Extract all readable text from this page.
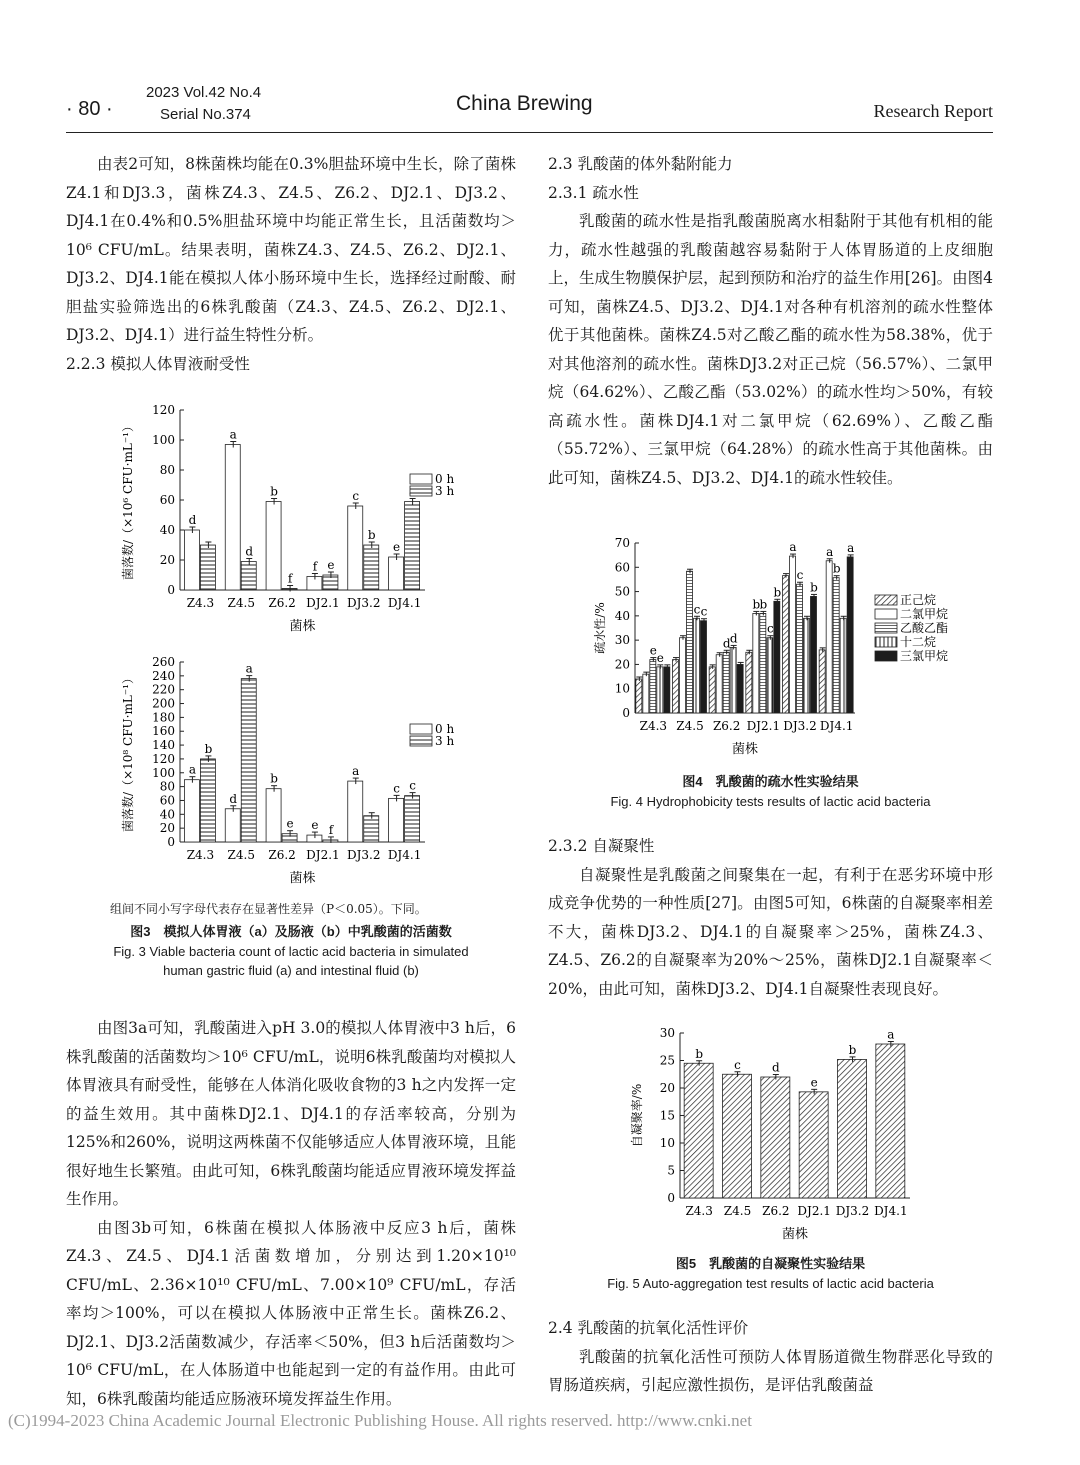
· 80 ·
2023 Vol.42 No.4
Serial No.374	China Brewing	Research Report

由表2可知，8株菌株均能在0.3%胆盐环境中生长，除了菌株Z4.1和DJ3.3，菌株Z4.3、Z4.5、Z6.2、DJ2.1、DJ3.2、DJ4.1在0.4%和0.5%胆盐环境中均能正常生长，且活菌数均＞10⁶ CFU/mL。结果表明，菌株Z4.3、Z4.5、Z6.2、DJ2.1、DJ3.2、DJ4.1能在模拟人体小肠环境中生长，选择经过耐酸、耐胆盐实验筛选出的6株乳酸菌（Z4.3、Z4.5、Z6.2、DJ2.1、DJ3.2、DJ4.1）进行益生特性分析。

2.2.3 模拟人体胃液耐受性

0
20
40
60
80
100
120
菌落数/（×10⁶ CFU·mL⁻¹）
菌株
Z4.3
d
Z4.5
a
d
Z6.2
b
f
DJ2.1
f e
DJ3.2
c
b
DJ4.1
e
0 h
3 h
0
20
40
60
80
100
120
140
160
180
200
220
240
260
菌落数/（×10⁸ CFU·mL⁻¹）
菌株
Z4.3
a
b
Z4.5
d
a
Z6.2
b
e
DJ2.1
e f
DJ3.2
a
DJ4.1
c c
0 h
3 h
组间不同小写字母代表存在显著性差异（P＜0.05）。下同。
图3　模拟人体胃液（a）及肠液（b）中乳酸菌的活菌数
Fig. 3 Viable bacteria count of lactic acid bacteria in simulated
human gastric fluid (a) and intestinal fluid (b)

由图3a可知，乳酸菌进入pH 3.0的模拟人体胃液中3 h后，6株乳酸菌的活菌数均＞10⁶ CFU/mL，说明6株乳酸菌均对模拟人体胃液具有耐受性，能够在人体消化吸收食物的3 h之内发挥一定的益生效用。其中菌株DJ2.1、DJ4.1的存活率较高，分别为125%和260%，说明这两株菌不仅能够适应人体胃液环境，且能很好地生长繁殖。由此可知，6株乳酸菌均能适应胃液环境发挥益生作用。

由图3b可知，6株菌在模拟人体肠液中反应3 h后，菌株Z4.3、Z4.5、DJ4.1活菌数增加，分别达到1.20×10¹⁰ CFU/mL、2.36×10¹⁰ CFU/mL、7.00×10⁹ CFU/mL，存活率均＞100%，可以在模拟人体肠液中正常生长。菌株Z6.2、DJ2.1、DJ3.2活菌数减少，存活率＜50%，但3 h后活菌数均＞10⁶ CFU/mL，在人体肠道中也能起到一定的有益作用。由此可知，6株乳酸菌均能适应肠液环境发挥益生作用。

2.3 乳酸菌的体外黏附能力

2.3.1 疏水性

乳酸菌的疏水性是指乳酸菌脱离水相黏附于其他有机相的能力，疏水性越强的乳酸菌越容易黏附于人体胃肠道的上皮细胞上，生成生物膜保护层，起到预防和治疗的益生作用[26]。由图4可知，菌株Z4.5、DJ3.2、DJ4.1对各种有机溶剂的疏水性整体优于其他菌株。菌株Z4.5对乙酸乙酯的疏水性为58.38%，优于对其他溶剂的疏水性。菌株DJ3.2对正己烷（56.57%）、二氯甲烷（64.62%）、乙酸乙酯（53.02%）的疏水性均＞50%，有较高疏水性。菌株DJ4.1对二氯甲烷（62.69%）、乙酸乙酯（55.72%）、三氯甲烷（64.28%）的疏水性高于其他菌株。由此可知，菌株Z4.5、DJ3.2、DJ4.1的疏水性较佳。

0
10
20
30
40
50
60
70
疏水性/%
菌株
Z4.3
e
e
Z4.5
c c
Z6.2
d d
DJ2.1
b b
c
b
DJ3.2
a
c
b
DJ4.1
a
b
a
正己烷
二氯甲烷
乙酸乙酯
十二烷
三氯甲烷
图4　乳酸菌的疏水性实验结果
Fig. 4 Hydrophobicity tests results of lactic acid bacteria

2.3.2 自凝聚性

自凝聚性是乳酸菌之间聚集在一起，有利于在恶劣环境中形成竞争优势的一种性质[27]。由图5可知，6株菌的自凝聚率相差不大，菌株DJ3.2、DJ4.1的自凝聚率＞25%，菌株Z4.3、Z4.5、Z6.2的自凝聚率为20%～25%，菌株DJ2.1自凝聚率＜20%，由此可知，菌株DJ3.2、DJ4.1自凝聚性表现良好。

0
5
10
15
20
25
30
自凝聚率/%
菌株
Z4.3
b
Z4.5
c
Z6.2
d
DJ2.1
e
DJ3.2
b
DJ4.1
a
图5　乳酸菌的自凝聚性实验结果
Fig. 5 Auto-aggregation test results of lactic acid bacteria

2.4 乳酸菌的抗氧化活性评价

乳酸菌的抗氧化活性可预防人体胃肠道微生物群恶化导致的胃肠道疾病，引起应激性损伤，是评估乳酸菌益

(C)1994-2023 China Academic Journal Electronic Publishing House. All rights reserved. http://www.cnki.net
